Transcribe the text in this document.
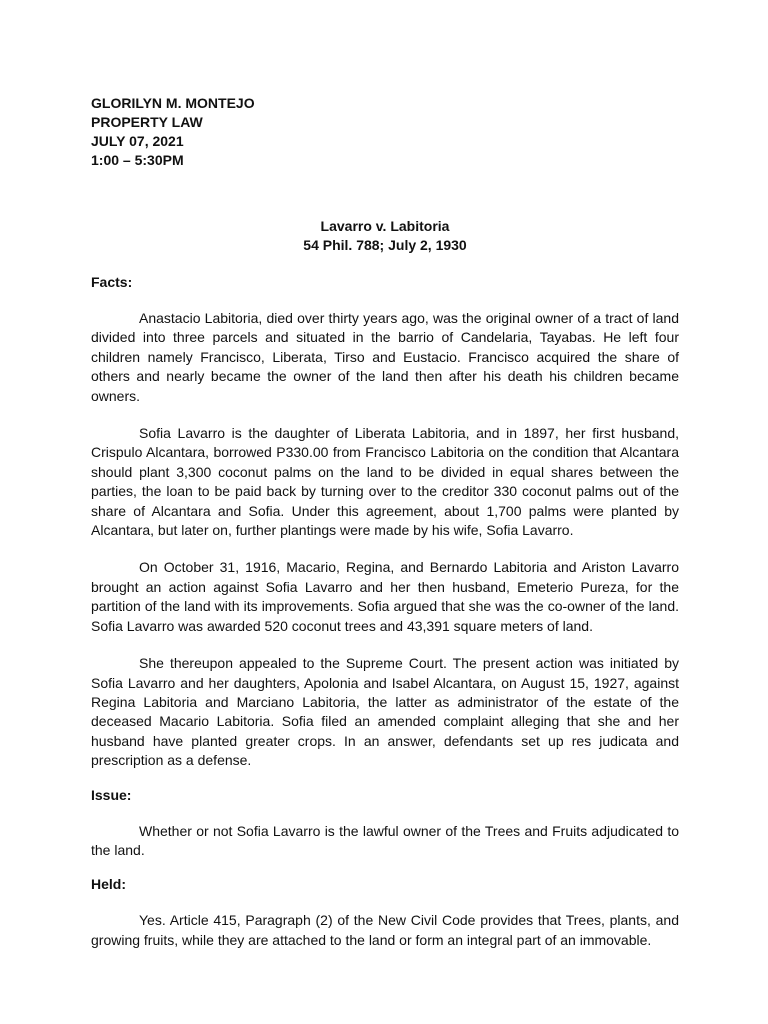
GLORILYN M. MONTEJO

PROPERTY LAW

JULY 07, 2021

1:00 – 5:30PM

Lavarro v. Labitoria
54 Phil. 788; July 2, 1930

Facts:

Anastacio Labitoria, died over thirty years ago, was the original owner of a tract of land divided into three parcels and situated in the barrio of Candelaria, Tayabas. He left four children namely Francisco, Liberata, Tirso and Eustacio. Francisco acquired the share of others and nearly became the owner of the land then after his death his children became owners.

Sofia Lavarro is the daughter of Liberata Labitoria, and in 1897, her first husband, Crispulo Alcantara, borrowed P330.00 from Francisco Labitoria on the condition that Alcantara should plant 3,300 coconut palms on the land to be divided in equal shares between the parties, the loan to be paid back by turning over to the creditor 330 coconut palms out of the share of Alcantara and Sofia. Under this agreement, about 1,700 palms were planted by Alcantara, but later on, further plantings were made by his wife, Sofia Lavarro.

On October 31, 1916, Macario, Regina, and Bernardo Labitoria and Ariston Lavarro brought an action against Sofia Lavarro and her then husband, Emeterio Pureza, for the partition of the land with its improvements. Sofia argued that she was the co-owner of the land. Sofia Lavarro was awarded 520 coconut trees and 43,391 square meters of land.

She thereupon appealed to the Supreme Court. The present action was initiated by Sofia Lavarro and her daughters, Apolonia and Isabel Alcantara, on August 15, 1927, against Regina Labitoria and Marciano Labitoria, the latter as administrator of the estate of the deceased Macario Labitoria. Sofia filed an amended complaint alleging that she and her husband have planted greater crops. In an answer, defendants set up res judicata and prescription as a defense.

Issue:

Whether or not Sofia Lavarro is the lawful owner of the Trees and Fruits adjudicated to the land.

Held:

Yes. Article 415, Paragraph (2) of the New Civil Code provides that Trees, plants, and growing fruits, while they are attached to the land or form an integral part of an immovable.
